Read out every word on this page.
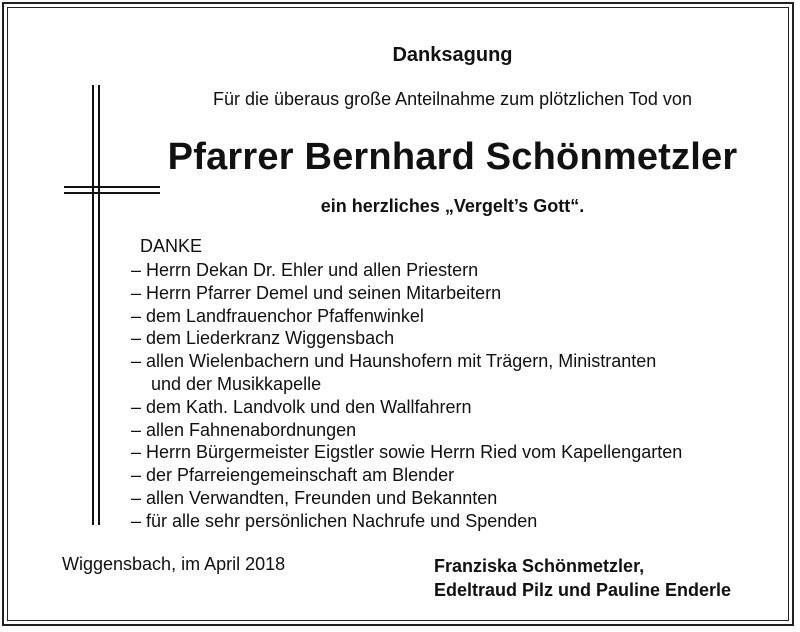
Danksagung
Für die überaus große Anteilnahme zum plötzlichen Tod von
Pfarrer Bernhard Schönmetzler
ein herzliches „Vergelt’s Gott“.
DANKE
– Herrn Dekan Dr. Ehler und allen Priestern
– Herrn Pfarrer Demel und seinen Mitarbeitern
– dem Landfrauenchor Pfaffenwinkel
– dem Liederkranz Wiggensbach
– allen Wielenbachern und Haunshofern mit Trägern, Ministranten
und der Musikkapelle
– dem Kath. Landvolk und den Wallfahrern
– allen Fahnenabordnungen
– Herrn Bürgermeister Eigstler sowie Herrn Ried vom Kapellengarten
– der Pfarreiengemeinschaft am Blender
– allen Verwandten, Freunden und Bekannten
– für alle sehr persönlichen Nachrufe und Spenden
Wiggensbach, im April 2018	Franziska Schönmetzler,
Edeltraud Pilz und Pauline Enderle
